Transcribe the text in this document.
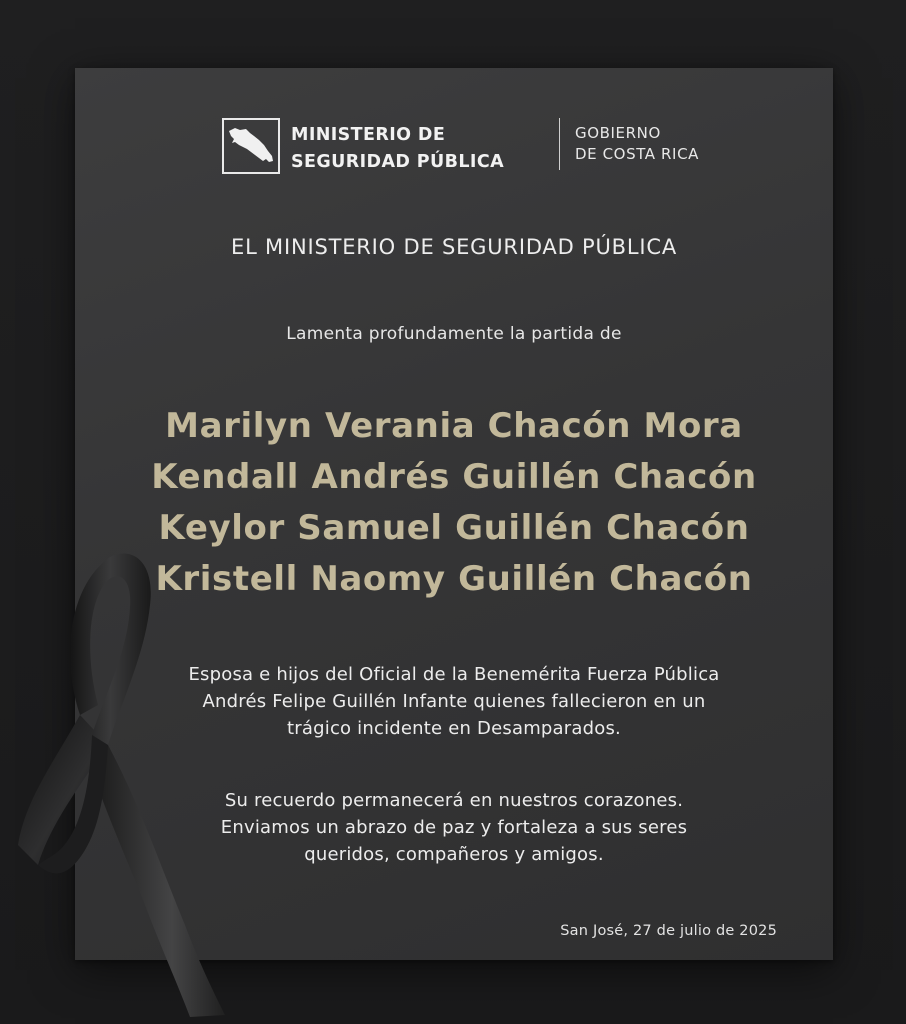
MINISTERIO DE
SEGURIDAD PÚBLICA
GOBIERNO
DE COSTA RICA
EL MINISTERIO DE SEGURIDAD PÚBLICA
Lamenta profundamente la partida de
Marilyn Verania Chacón Mora
Kendall Andrés Guillén Chacón
Keylor Samuel Guillén Chacón
Kristell Naomy Guillén Chacón
Esposa e hijos del Oficial de la Benemérita Fuerza Pública
Andrés Felipe Guillén Infante quienes fallecieron en un
trágico incidente en Desamparados.
Su recuerdo permanecerá en nuestros corazones.
Enviamos un abrazo de paz y fortaleza a sus seres
queridos, compañeros y amigos.
San José, 27 de julio de 2025
